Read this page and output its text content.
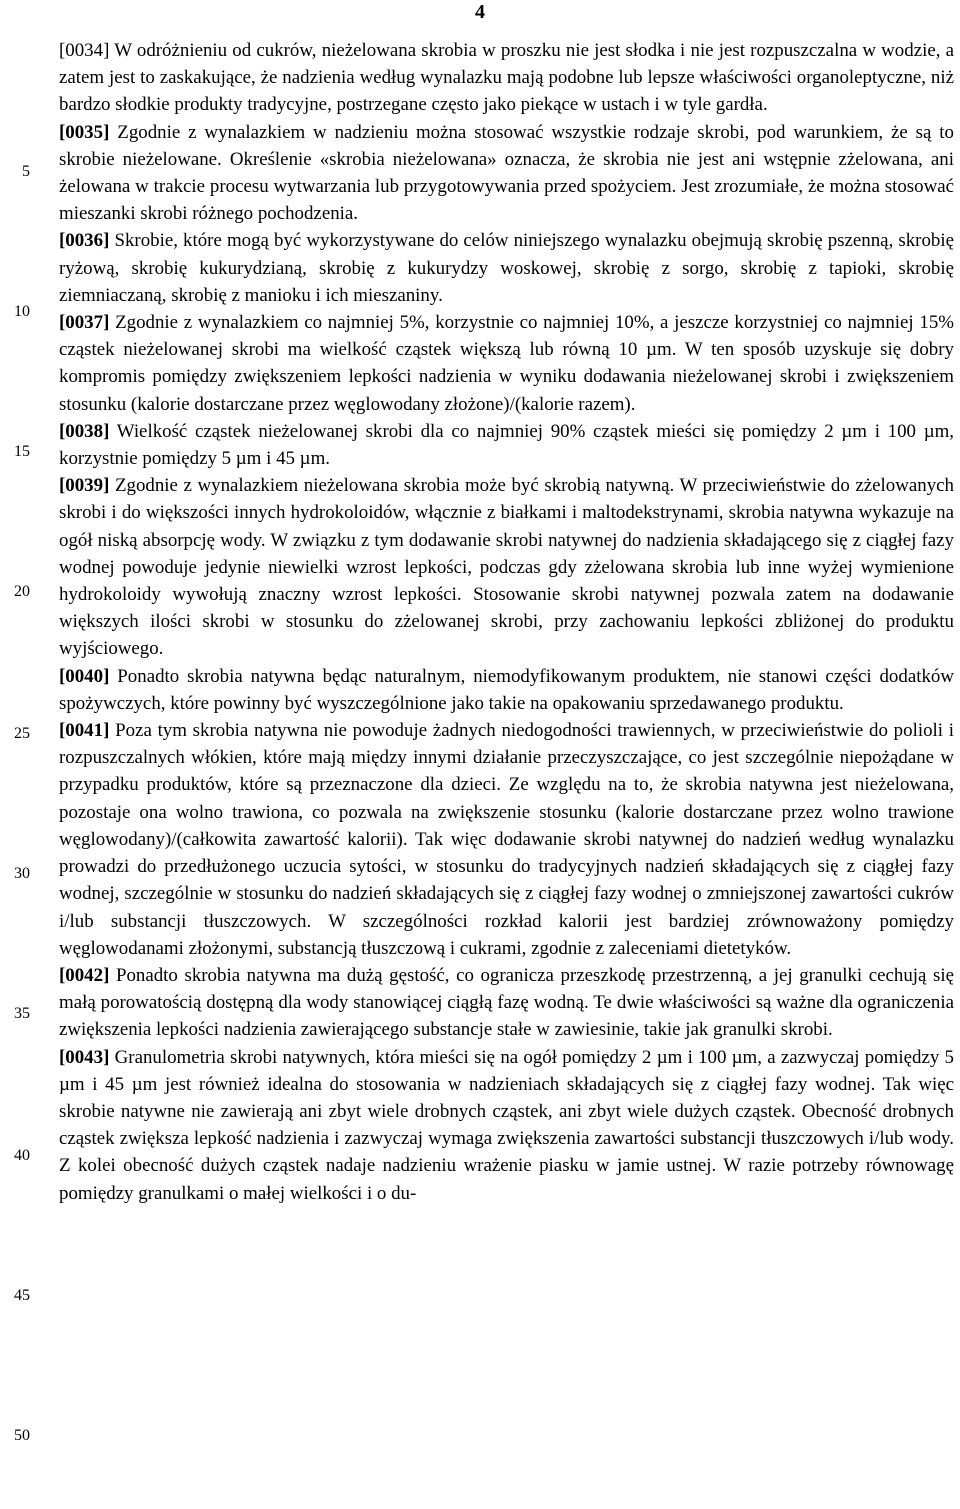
4
5
10
15
20
25
30
35
40
45
50

[0034] W odróżnieniu od cukrów, nieżelowana skrobia w proszku nie jest słodka i nie jest rozpuszczalna w wodzie, a zatem jest to zaskakujące, że nadzienia według wynalazku mają podobne lub lepsze właściwości organoleptyczne, niż bardzo słodkie produkty tradycyjne, postrzegane często jako piekące w ustach i w tyle gardła.

[0035] Zgodnie z wynalazkiem w nadzieniu można stosować wszystkie rodzaje skrobi, pod warunkiem, że są to skrobie nieżelowane. Określenie «skrobia nieżelowana» oznacza, że skrobia nie jest ani wstępnie zżelowana, ani żelowana w trakcie procesu wytwarzania lub przygotowywania przed spożyciem. Jest zrozumiałe, że można stosować mieszanki skrobi różnego pochodzenia.

[0036] Skrobie, które mogą być wykorzystywane do celów niniejszego wynalazku obejmują skrobię pszenną, skrobię ryżową, skrobię kukurydzianą, skrobię z kukurydzy woskowej, skrobię z sorgo, skrobię z tapioki, skrobię ziemniaczaną, skrobię z manioku i ich mieszaniny.

[0037] Zgodnie z wynalazkiem co najmniej 5%, korzystnie co najmniej 10%, a jeszcze korzystniej co najmniej 15% cząstek nieżelowanej skrobi ma wielkość cząstek większą lub równą 10 µm. W ten sposób uzyskuje się dobry kompromis pomiędzy zwiększeniem lepkości nadzienia w wyniku dodawania nieżelowanej skrobi i zwiększeniem stosunku (kalorie dostarczane przez węglowodany złożone)/(kalorie razem).

[0038] Wielkość cząstek nieżelowanej skrobi dla co najmniej 90% cząstek mieści się pomiędzy 2 µm i 100 µm, korzystnie pomiędzy 5 µm i 45 µm.

[0039] Zgodnie z wynalazkiem nieżelowana skrobia może być skrobią natywną. W przeciwieństwie do zżelowanych skrobi i do większości innych hydrokoloidów, włącznie z białkami i maltodekstrynami, skrobia natywna wykazuje na ogół niską absorpcję wody. W związku z tym dodawanie skrobi natywnej do nadzienia składającego się z ciągłej fazy wodnej powoduje jedynie niewielki wzrost lepkości, podczas gdy zżelowana skrobia lub inne wyżej wymienione hydrokoloidy wywołują znaczny wzrost lepkości. Stosowanie skrobi natywnej pozwala zatem na dodawanie większych ilości skrobi w stosunku do zżelowanej skrobi, przy zachowaniu lepkości zbliżonej do produktu wyjściowego.

[0040] Ponadto skrobia natywna będąc naturalnym, niemodyfikowanym produktem, nie stanowi części dodatków spożywczych, które powinny być wyszczególnione jako takie na opakowaniu sprzedawanego produktu.

[0041] Poza tym skrobia natywna nie powoduje żadnych niedogodności trawiennych, w przeciwieństwie do polioli i rozpuszczalnych włókien, które mają między innymi działanie przeczyszczające, co jest szczególnie niepożądane w przypadku produktów, które są przeznaczone dla dzieci. Ze względu na to, że skrobia natywna jest nieżelowana, pozostaje ona wolno trawiona, co pozwala na zwiększenie stosunku (kalorie dostarczane przez wolno trawione węglowodany)/(całkowita zawartość kalorii). Tak więc dodawanie skrobi natywnej do nadzień według wynalazku prowadzi do przedłużonego uczucia sytości, w stosunku do tradycyjnych nadzień składających się z ciągłej fazy wodnej, szczególnie w stosunku do nadzień składających się z ciągłej fazy wodnej o zmniejszonej zawartości cukrów i/lub substancji tłuszczowych. W szczególności rozkład kalorii jest bardziej zrównoważony pomiędzy węglowodanami złożonymi, substancją tłuszczową i cukrami, zgodnie z zaleceniami dietetyków.

[0042] Ponadto skrobia natywna ma dużą gęstość, co ogranicza przeszkodę przestrzenną, a jej granulki cechują się małą porowatością dostępną dla wody stanowiącej ciągłą fazę wodną. Te dwie właściwości są ważne dla ograniczenia zwiększenia lepkości nadzienia zawierającego substancje stałe w zawiesinie, takie jak granulki skrobi.

[0043] Granulometria skrobi natywnych, która mieści się na ogół pomiędzy 2 µm i 100 µm, a zazwyczaj pomiędzy 5 µm i 45 µm jest również idealna do stosowania w nadzieniach składających się z ciągłej fazy wodnej. Tak więc skrobie natywne nie zawierają ani zbyt wiele drobnych cząstek, ani zbyt wiele dużych cząstek. Obecność drobnych cząstek zwiększa lepkość nadzienia i zazwyczaj wymaga zwiększenia zawartości substancji tłuszczowych i/lub wody. Z kolei obecność dużych cząstek nadaje nadzieniu wrażenie piasku w jamie ustnej. W razie potrzeby równowagę pomiędzy granulkami o małej wielkości i o du-
